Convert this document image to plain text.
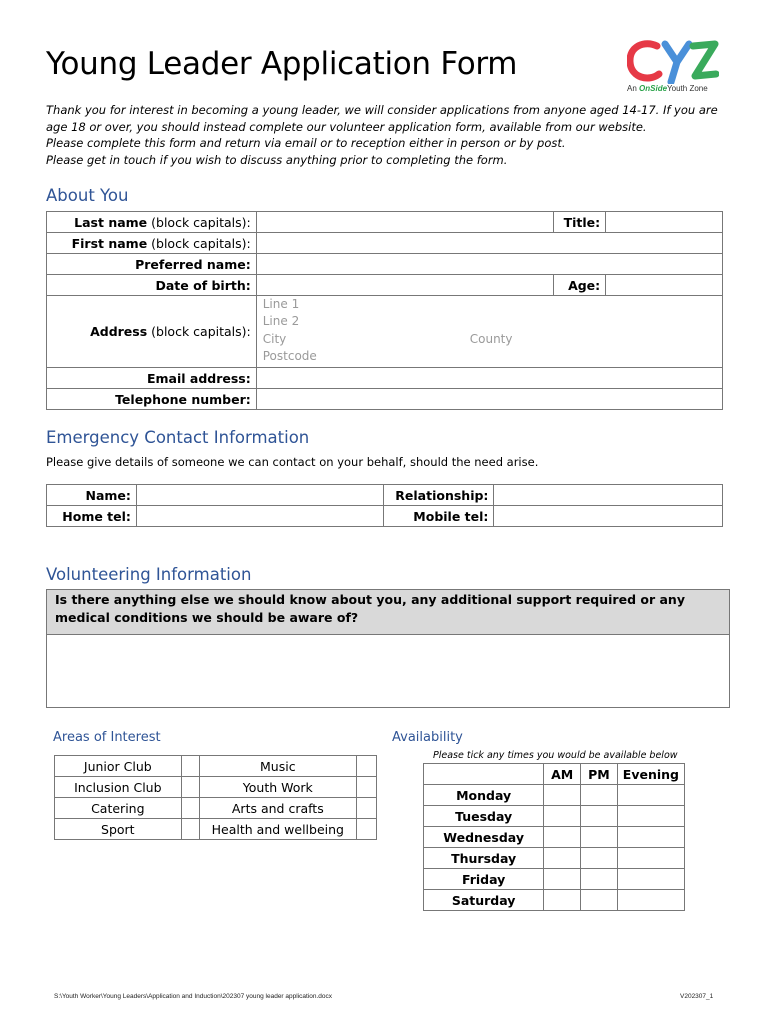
Young Leader Application Form
An OnSideYouth Zone

Thank you for interest in becoming a young leader, we will consider applications from anyone aged 14-17. If you are age 18 or over, you should instead complete our volunteer application form, available from our website.

Please complete this form and return via email or to reception either in person or by post.

Please get in touch if you wish to discuss anything prior to completing the form.

About You
Last name (block capitals):		Title:	
First name (block capitals):			
Preferred name:			
Date of birth:		Age:	
Address (block capitals):	Line 1
Line 2
City County
Postcode		

Email address:			
Telephone number:			
Emergency Contact Information
Please give details of someone we can contact on your behalf, should the need arise.
Name:		Relationship:	
Home tel:		Mobile tel:	
Volunteering Information
Is there anything else we should know about you, any additional support required or any medical conditions we should be aware of?
Areas of Interest
Junior Club		Music	
Inclusion Club		Youth Work	
Catering		Arts and crafts	
Sport		Health and wellbeing	
Availability
Please tick any times you would be available below
	AM	PM	Evening
Monday			
Tuesday			
Wednesday			
Thursday			
Friday			
Saturday			
S:\Youth Worker\Young Leaders\Application and Induction\202307 young leader application.docx	V202307_1
